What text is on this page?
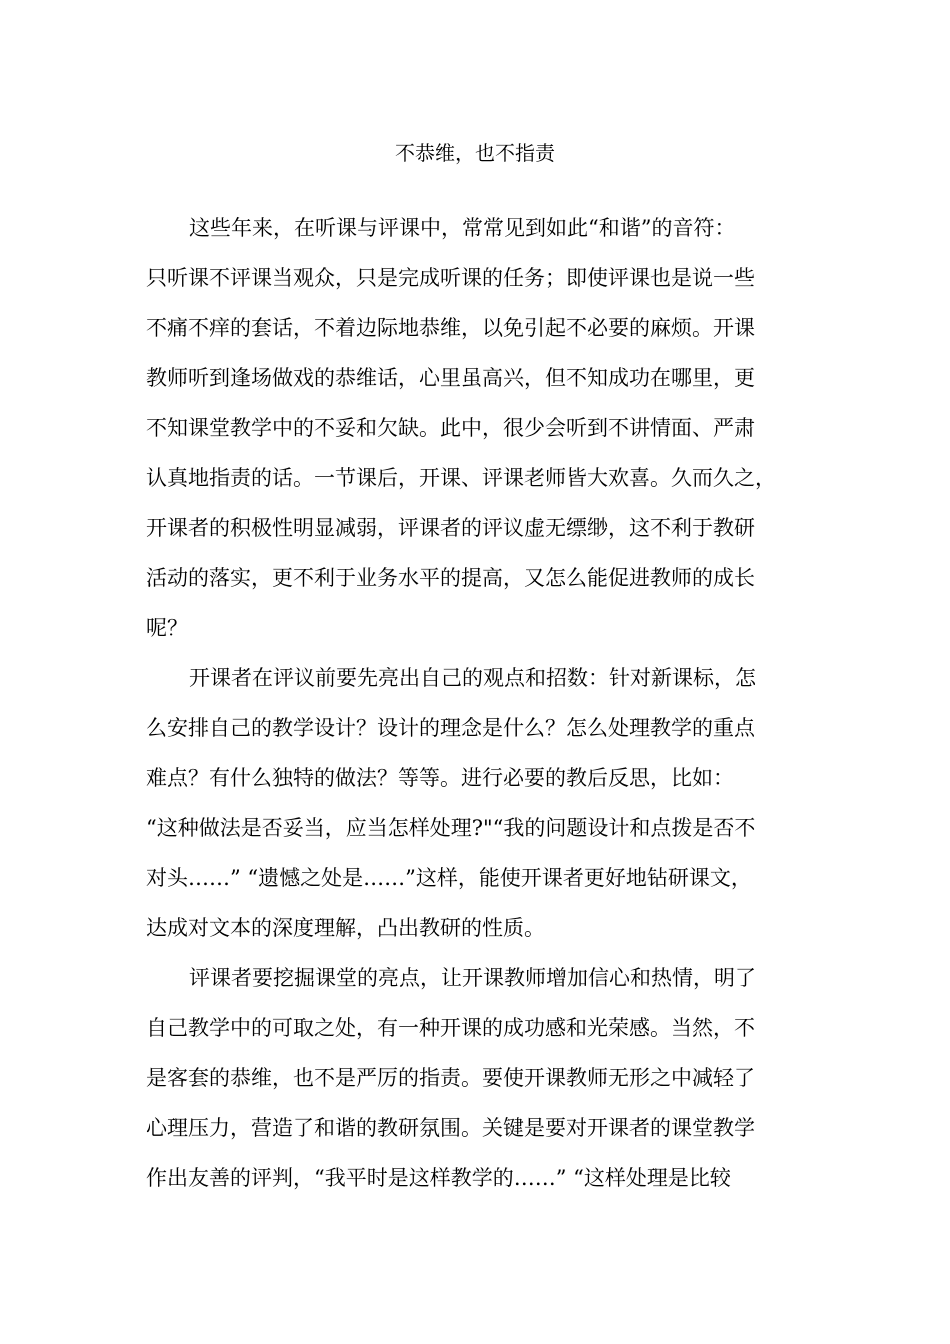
不恭维，也不指责
这些年来，在听课与评课中，常常见到如此“和谐”的音符：
只听课不评课当观众，只是完成听课的任务；即使评课也是说一些
不痛不痒的套话，不着边际地恭维，以免引起不必要的麻烦。开课
教师听到逢场做戏的恭维话，心里虽高兴，但不知成功在哪里，更
不知课堂教学中的不妥和欠缺。此中，很少会听到不讲情面、严肃
认真地指责的话。一节课后，开课、评课老师皆大欢喜。久而久之，
开课者的积极性明显减弱，评课者的评议虚无缥缈，这不利于教研
活动的落实，更不利于业务水平的提高，又怎么能促进教师的成长
呢？
开课者在评议前要先亮出自己的观点和招数：针对新课标，怎
么安排自己的教学设计？设计的理念是什么？怎么处理教学的重点
难点？有什么独特的做法？等等。进行必要的教后反思，比如：
“这种做法是否妥当，应当怎样处理?"“我的问题设计和点拨是否不
对头……” “遗憾之处是……”这样，能使开课者更好地钻研课文，
达成对文本的深度理解，凸出教研的性质。
评课者要挖掘课堂的亮点，让开课教师增加信心和热情，明了
自己教学中的可取之处，有一种开课的成功感和光荣感。当然，不
是客套的恭维，也不是严厉的指责。要使开课教师无形之中减轻了
心理压力，营造了和谐的教研氛围。关键是要对开课者的课堂教学
作出友善的评判，“我平时是这样教学的……” “这样处理是比较
